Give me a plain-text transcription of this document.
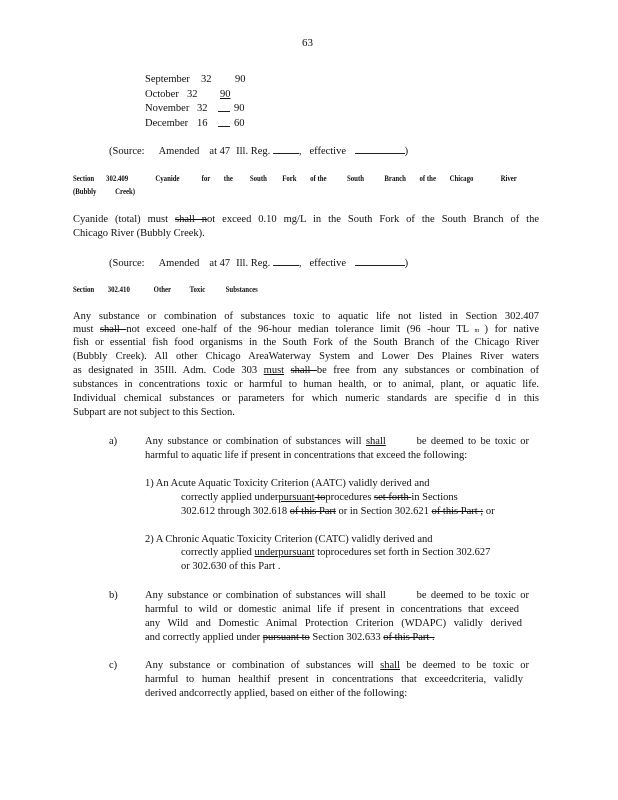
63
September 32 90
October 32 90
November 32	90
December 16	60
(Source: Amended at 47 Ill. Reg.	, effective	)
Section 302.409	Cyanide	for the South Fork of the	South	Branch of the Chicago	River
(Bubbly Creek)
Cyanide (total) must shall not exceed 0.10 mg/L in the South Fork of the South Branch of the
Chicago River (Bubbly Creek).
(Source: Amended at 47 Ill. Reg.	, effective	)
Section 302.410	Other Toxic	Substances
Any substance or combination of substances toxic to aquatic life not listed in Section 302.407
must shall not exceed one-half of the 96-hour median tolerance limit (96 -hour TL m ) for native
fish or essential fish food organisms in the South Fork of the South Branch of the Chicago River
(Bubbly Creek). All other Chicago AreaWaterway System and Lower Des Plaines River waters
as designated in 35Ill. Adm. Code 303 must shall be free from any substances or combination of
substances in concentrations toxic or harmful to human health, or to animal, plant, or aquatic life.
Individual chemical substances or parameters for which numeric standards are specifie d in this
Subpart are not subject to this Section.
a)	Any substance or combination of substances will shall	be deemed to be toxic or
harmful to aquatic life if present in concentrations that exceed the following:
1) An Acute Aquatic Toxicity Criterion (AATC) validly derived and
correctly applied underpursuant toprocedures set forth in Sections
302.612 through 302.618 of this Part or in Section 302.621 of this Part ; or
2) A Chronic Aquatic Toxicity Criterion (CATC) validly derived and
correctly applied underpursuant toprocedures set forth in Section 302.627
or 302.630 of this Part .
b)	Any substance or combination of substances will shall	be deemed to be toxic or
harmful to wild or domestic animal life if present in concentrations that exceed
any Wild and Domestic Animal Protection Criterion (WDAPC) validly derived
and correctly applied under pursuant to Section 302.633 of this Part .
c)	Any substance or combination of substances will shall be deemed to be toxic or
harmful to human healthif present in concentrations that exceedcriteria, validly
derived andcorrectly applied, based on either of the following:
